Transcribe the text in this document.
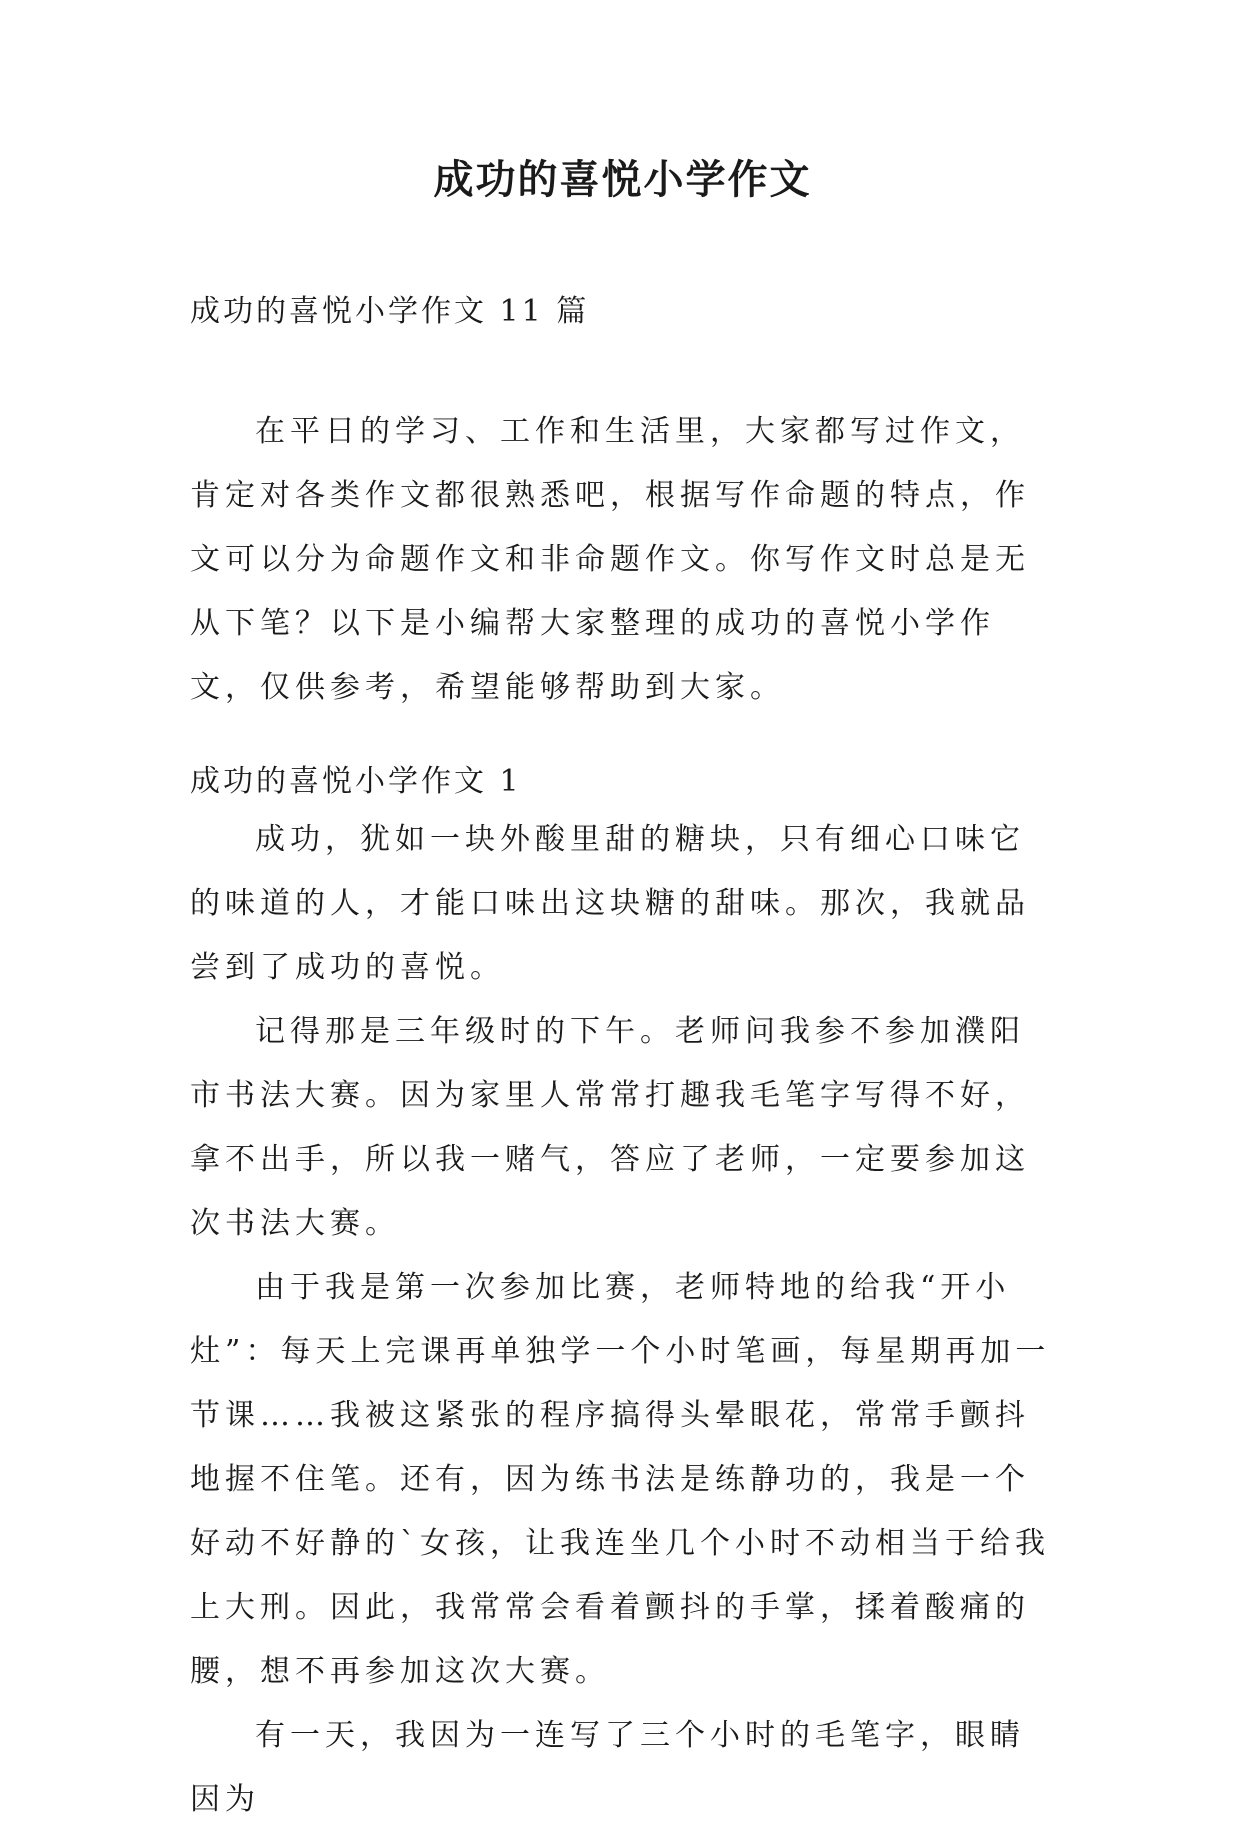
成功的喜悦小学作文

成功的喜悦小学作文 11 篇

在平日的学习、工作和生活里，大家都写过作文，肯定对各类作文都很熟悉吧，根据写作命题的特点，作文可以分为命题作文和非命题作文。你写作文时总是无从下笔？以下是小编帮大家整理的成功的喜悦小学作文，仅供参考，希望能够帮助到大家。

成功的喜悦小学作文 1

成功，犹如一块外酸里甜的糖块，只有细心口味它的味道的人，才能口味出这块糖的甜味。那次，我就品尝到了成功的喜悦。

记得那是三年级时的下午。老师问我参不参加濮阳市书法大赛。因为家里人常常打趣我毛笔字写得不好，拿不出手，所以我一赌气，答应了老师，一定要参加这次书法大赛。

由于我是第一次参加比赛，老师特地的给我“开小灶”：每天上完课再单独学一个小时笔画，每星期再加一节课……我被这紧张的程序搞得头晕眼花，常常手颤抖地握不住笔。还有，因为练书法是练静功的，我是一个好动不好静的`女孩，让我连坐几个小时不动相当于给我上大刑。因此，我常常会看着颤抖的手掌，揉着酸痛的腰，想不再参加这次大赛。

有一天，我因为一连写了三个小时的毛笔字，眼睛因为
